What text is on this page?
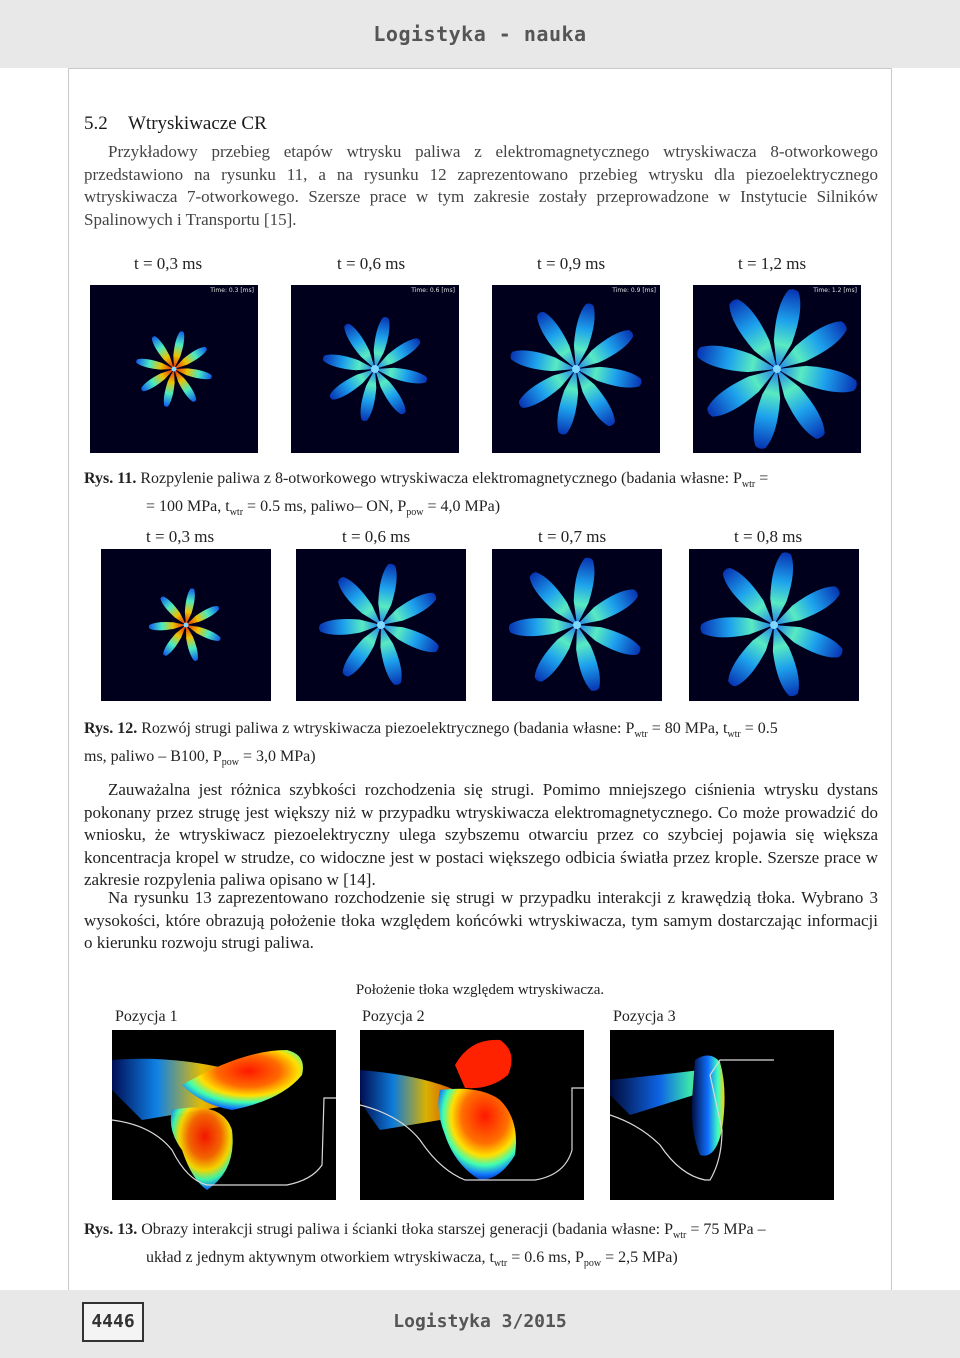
Logistyka - nauka
5.2 Wtryskiwacze CR
Przykładowy przebieg etapów wtrysku paliwa z elektromagnetycznego wtryskiwacza 8-otworkowego przedstawiono na rysunku 11, a na rysunku 12 zaprezentowano przebieg wtrysku dla piezoelektrycznego wtryskiwacza 7-otworkowego. Szersze prace w tym zakresie zostały przeprowadzone w Instytucie Silników Spalinowych i Transportu [15].
t = 0,3 ms	t = 0,6 ms	t = 0,9 ms	t = 1,2 ms
Time: 0.3 [ms]	Time: 0.6 [ms]	Time: 0.9 [ms]	Time: 1.2 [ms]
Rys. 11. Rozpylenie paliwa z 8-otworkowego wtryskiwacza elektromagnetycznego (badania własne: $P_{wtr}$ =
= 100 MPa, $t_{wtr} = 0.5$ ms, paliwo– ON, $P_{pow} = 4,0$ MPa)
t = 0,3 ms	t = 0,6 ms	t = 0,7 ms	t = 0,8 ms
Rys. 12. Rozwój strugi paliwa z wtryskiwacza piezoelektrycznego (badania własne: $P_{wtr} = 80$ MPa, $t_{wtr} = 0.5$
ms, paliwo – B100, $P_{pow} = 3,0$ MPa)
Zauważalna jest różnica szybkości rozchodzenia się strugi. Pomimo mniejszego ciśnienia wtrysku dystans pokonany przez strugę jest większy niż w przypadku wtryskiwacza elektromagnetycznego. Co może prowadzić do wniosku, że wtryskiwacz piezoelektryczny ulega szybszemu otwarciu przez co szybciej pojawia się większa koncentracja kropel w strudze, co widoczne jest w postaci większego odbicia światła przez krople. Szersze prace w zakresie rozpylenia paliwa opisano w [14].
Na rysunku 13 zaprezentowano rozchodzenie się strugi w przypadku interakcji z krawędzią tłoka. Wybrano 3 wysokości, które obrazują położenie tłoka względem końcówki wtryskiwacza, tym samym dostarczając informacji o kierunku rozwoju strugi paliwa.
Położenie tłoka względem wtryskiwacza.
Pozycja 1	Pozycja 2	Pozycja 3
Rys. 13. Obrazy interakcji strugi paliwa i ścianki tłoka starszej generacji (badania własne: $P_{wtr} = 75$ MPa –
układ z jednym aktywnym otworkiem wtryskiwacza, $t_{wtr} = 0.6$ ms, $P_{pow} = 2,5$ MPa)
4446	Logistyka 3/2015
